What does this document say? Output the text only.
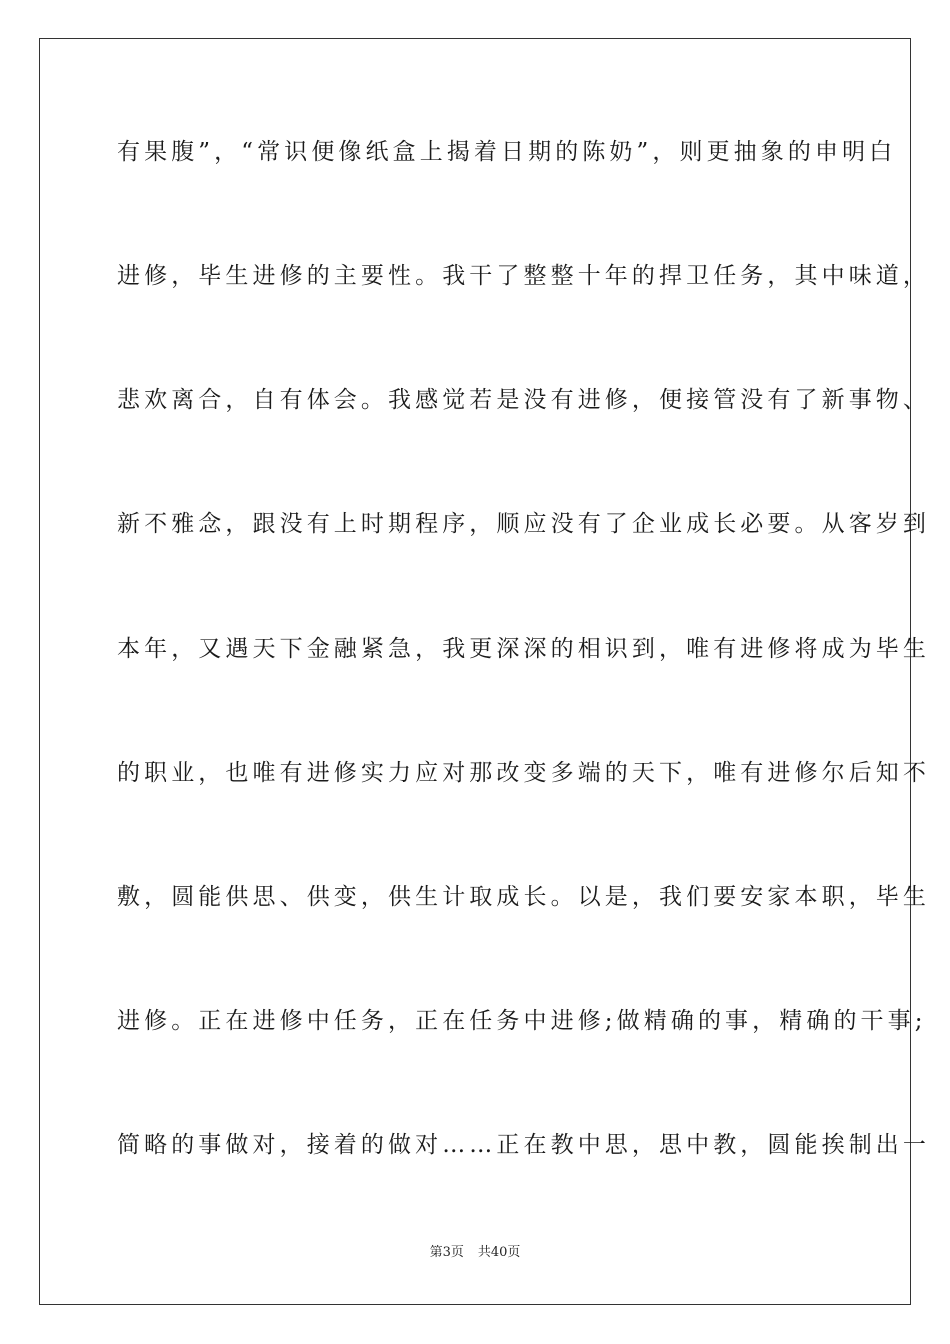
有果腹”，“常识便像纸盒上揭着日期的陈奶”，则更抽象的申明白
进修，毕生进修的主要性。我干了整整十年的捍卫任务，其中味道，
悲欢离合，自有体会。我感觉若是没有进修，便接管没有了新事物、
新不雅念，跟没有上时期程序，顺应没有了企业成长必要。从客岁到
本年，又遇天下金融紧急，我更深深的相识到，唯有进修将成为毕生
的职业，也唯有进修实力应对那改变多端的天下，唯有进修尔后知不
敷，圆能供思、供变，供生计取成长。以是，我们要安家本职，毕生
进修。正在进修中任务，正在任务中进修;做精确的事，精确的干事;
简略的事做对，接着的做对……正在教中思，思中教，圆能挨制出一
第3页 共40页
